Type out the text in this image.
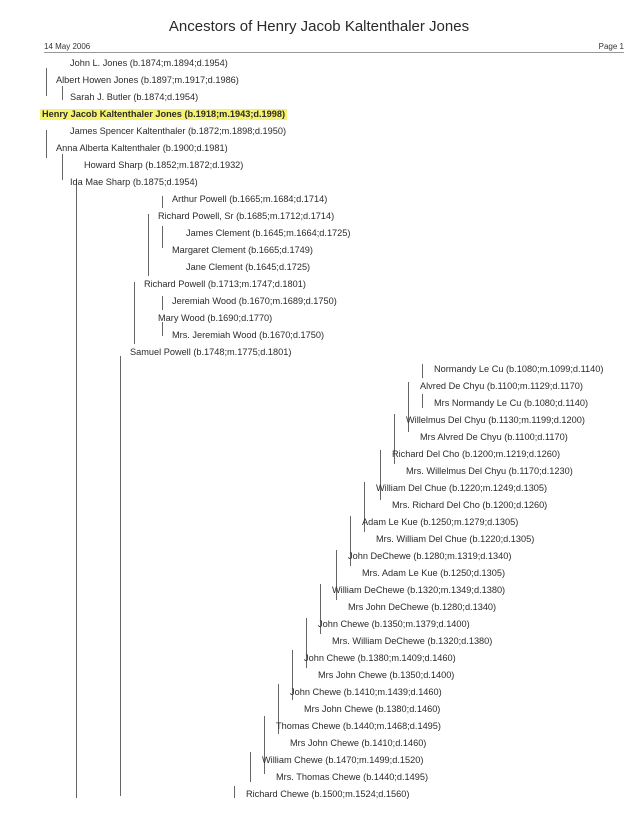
Ancestors of Henry Jacob Kaltenthaler Jones
14 May 2006	Page 1
John L. Jones (b.1874;m.1894;d.1954)
Albert Howen Jones (b.1897;m.1917;d.1986)
Sarah J. Butler (b.1874;d.1954)
Henry Jacob Kaltenthaler Jones (b.1918;m.1943;d.1998)
James Spencer Kaltenthaler (b.1872;m.1898;d.1950)
Anna Alberta Kaltenthaler (b.1900;d.1981)
Howard Sharp (b.1852;m.1872;d.1932)
Ida Mae Sharp (b.1875;d.1954)
Arthur Powell (b.1665;m.1684;d.1714)
Richard Powell, Sr (b.1685;m.1712;d.1714)
James Clement (b.1645;m.1664;d.1725)
Margaret Clement (b.1665;d.1749)
Jane Clement (b.1645;d.1725)
Richard Powell (b.1713;m.1747;d.1801)
Jeremiah Wood (b.1670;m.1689;d.1750)
Mary Wood (b.1690;d.1770)
Mrs. Jeremiah Wood (b.1670;d.1750)
Samuel Powell (b.1748;m.1775;d.1801)
Normandy Le Cu (b.1080;m.1099;d.1140)
Alvred De Chyu (b.1100;m.1129;d.1170)
Mrs Normandy Le Cu (b.1080;d.1140)
Willelmus Del Chyu (b.1130;m.1199;d.1200)
Mrs Alvred De Chyu (b.1100;d.1170)
Richard Del Cho (b.1200;m.1219;d.1260)
Mrs. Willelmus Del Chyu (b.1170;d.1230)
William Del Chue (b.1220;m.1249;d.1305)
Mrs. Richard Del Cho (b.1200;d.1260)
Adam Le Kue (b.1250;m.1279;d.1305)
Mrs. William Del Chue (b.1220;d.1305)
John DeChewe (b.1280;m.1319;d.1340)
Mrs. Adam Le Kue (b.1250;d.1305)
William DeChewe (b.1320;m.1349;d.1380)
Mrs John DeChewe (b.1280;d.1340)
John Chewe (b.1350;m.1379;d.1400)
Mrs. William DeChewe (b.1320;d.1380)
John Chewe (b.1380;m.1409;d.1460)
Mrs John Chewe (b.1350;d.1400)
John Chewe (b.1410;m.1439;d.1460)
Mrs John Chewe (b.1380;d.1460)
Thomas Chewe (b.1440;m.1468;d.1495)
Mrs John Chewe (b.1410;d.1460)
William Chewe (b.1470;m.1499;d.1520)
Mrs. Thomas Chewe (b.1440;d.1495)
Richard Chewe (b.1500;m.1524;d.1560)
